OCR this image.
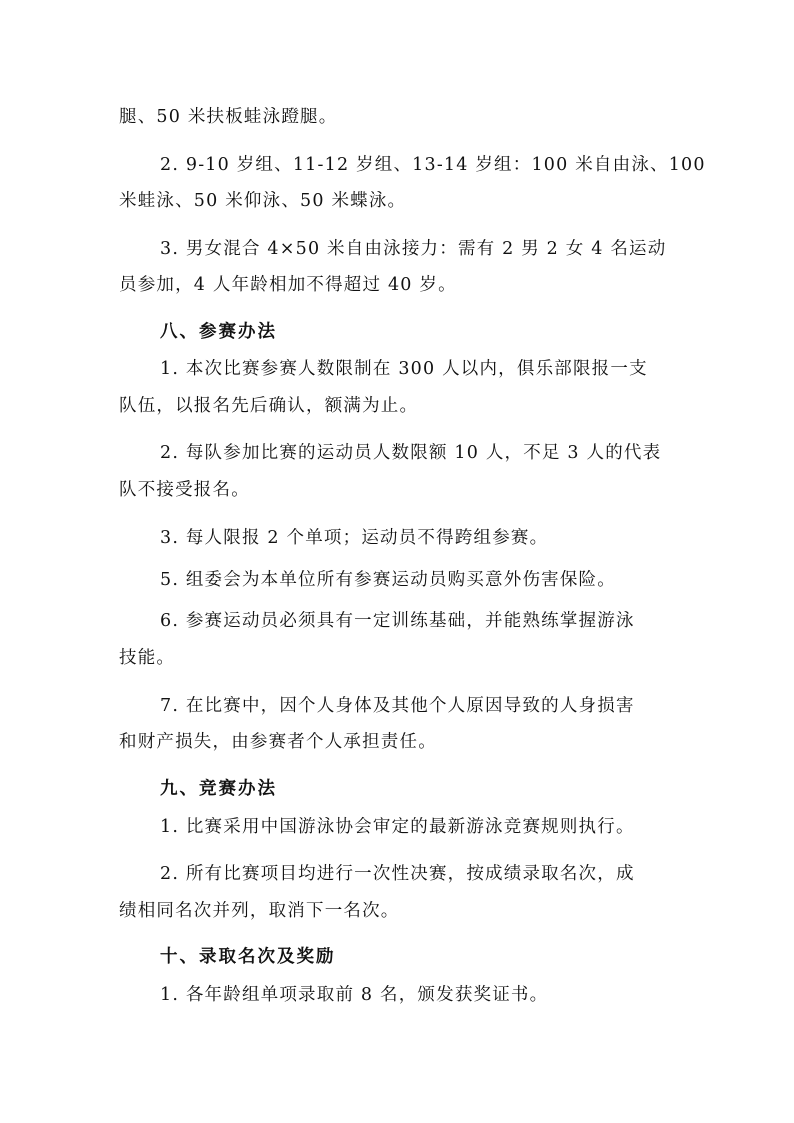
腿、50 米扶板蛙泳蹬腿。
2. 9-10 岁组、11-12 岁组、13-14 岁组：100 米自由泳、100
米蛙泳、50 米仰泳、50 米蝶泳。
3. 男女混合 4×50 米自由泳接力：需有 2 男 2 女 4 名运动
员参加，4 人年龄相加不得超过 40 岁。
八、参赛办法
1. 本次比赛参赛人数限制在 300 人以内，俱乐部限报一支
队伍，以报名先后确认，额满为止。
2. 每队参加比赛的运动员人数限额 10 人，不足 3 人的代表
队不接受报名。
3. 每人限报 2 个单项；运动员不得跨组参赛。
5. 组委会为本单位所有参赛运动员购买意外伤害保险。
6. 参赛运动员必须具有一定训练基础，并能熟练掌握游泳
技能。
7. 在比赛中，因个人身体及其他个人原因导致的人身损害
和财产损失，由参赛者个人承担责任。
九、竞赛办法
1. 比赛采用中国游泳协会审定的最新游泳竞赛规则执行。
2. 所有比赛项目均进行一次性决赛，按成绩录取名次，成
绩相同名次并列，取消下一名次。
十、录取名次及奖励
1. 各年龄组单项录取前 8 名，颁发获奖证书。
